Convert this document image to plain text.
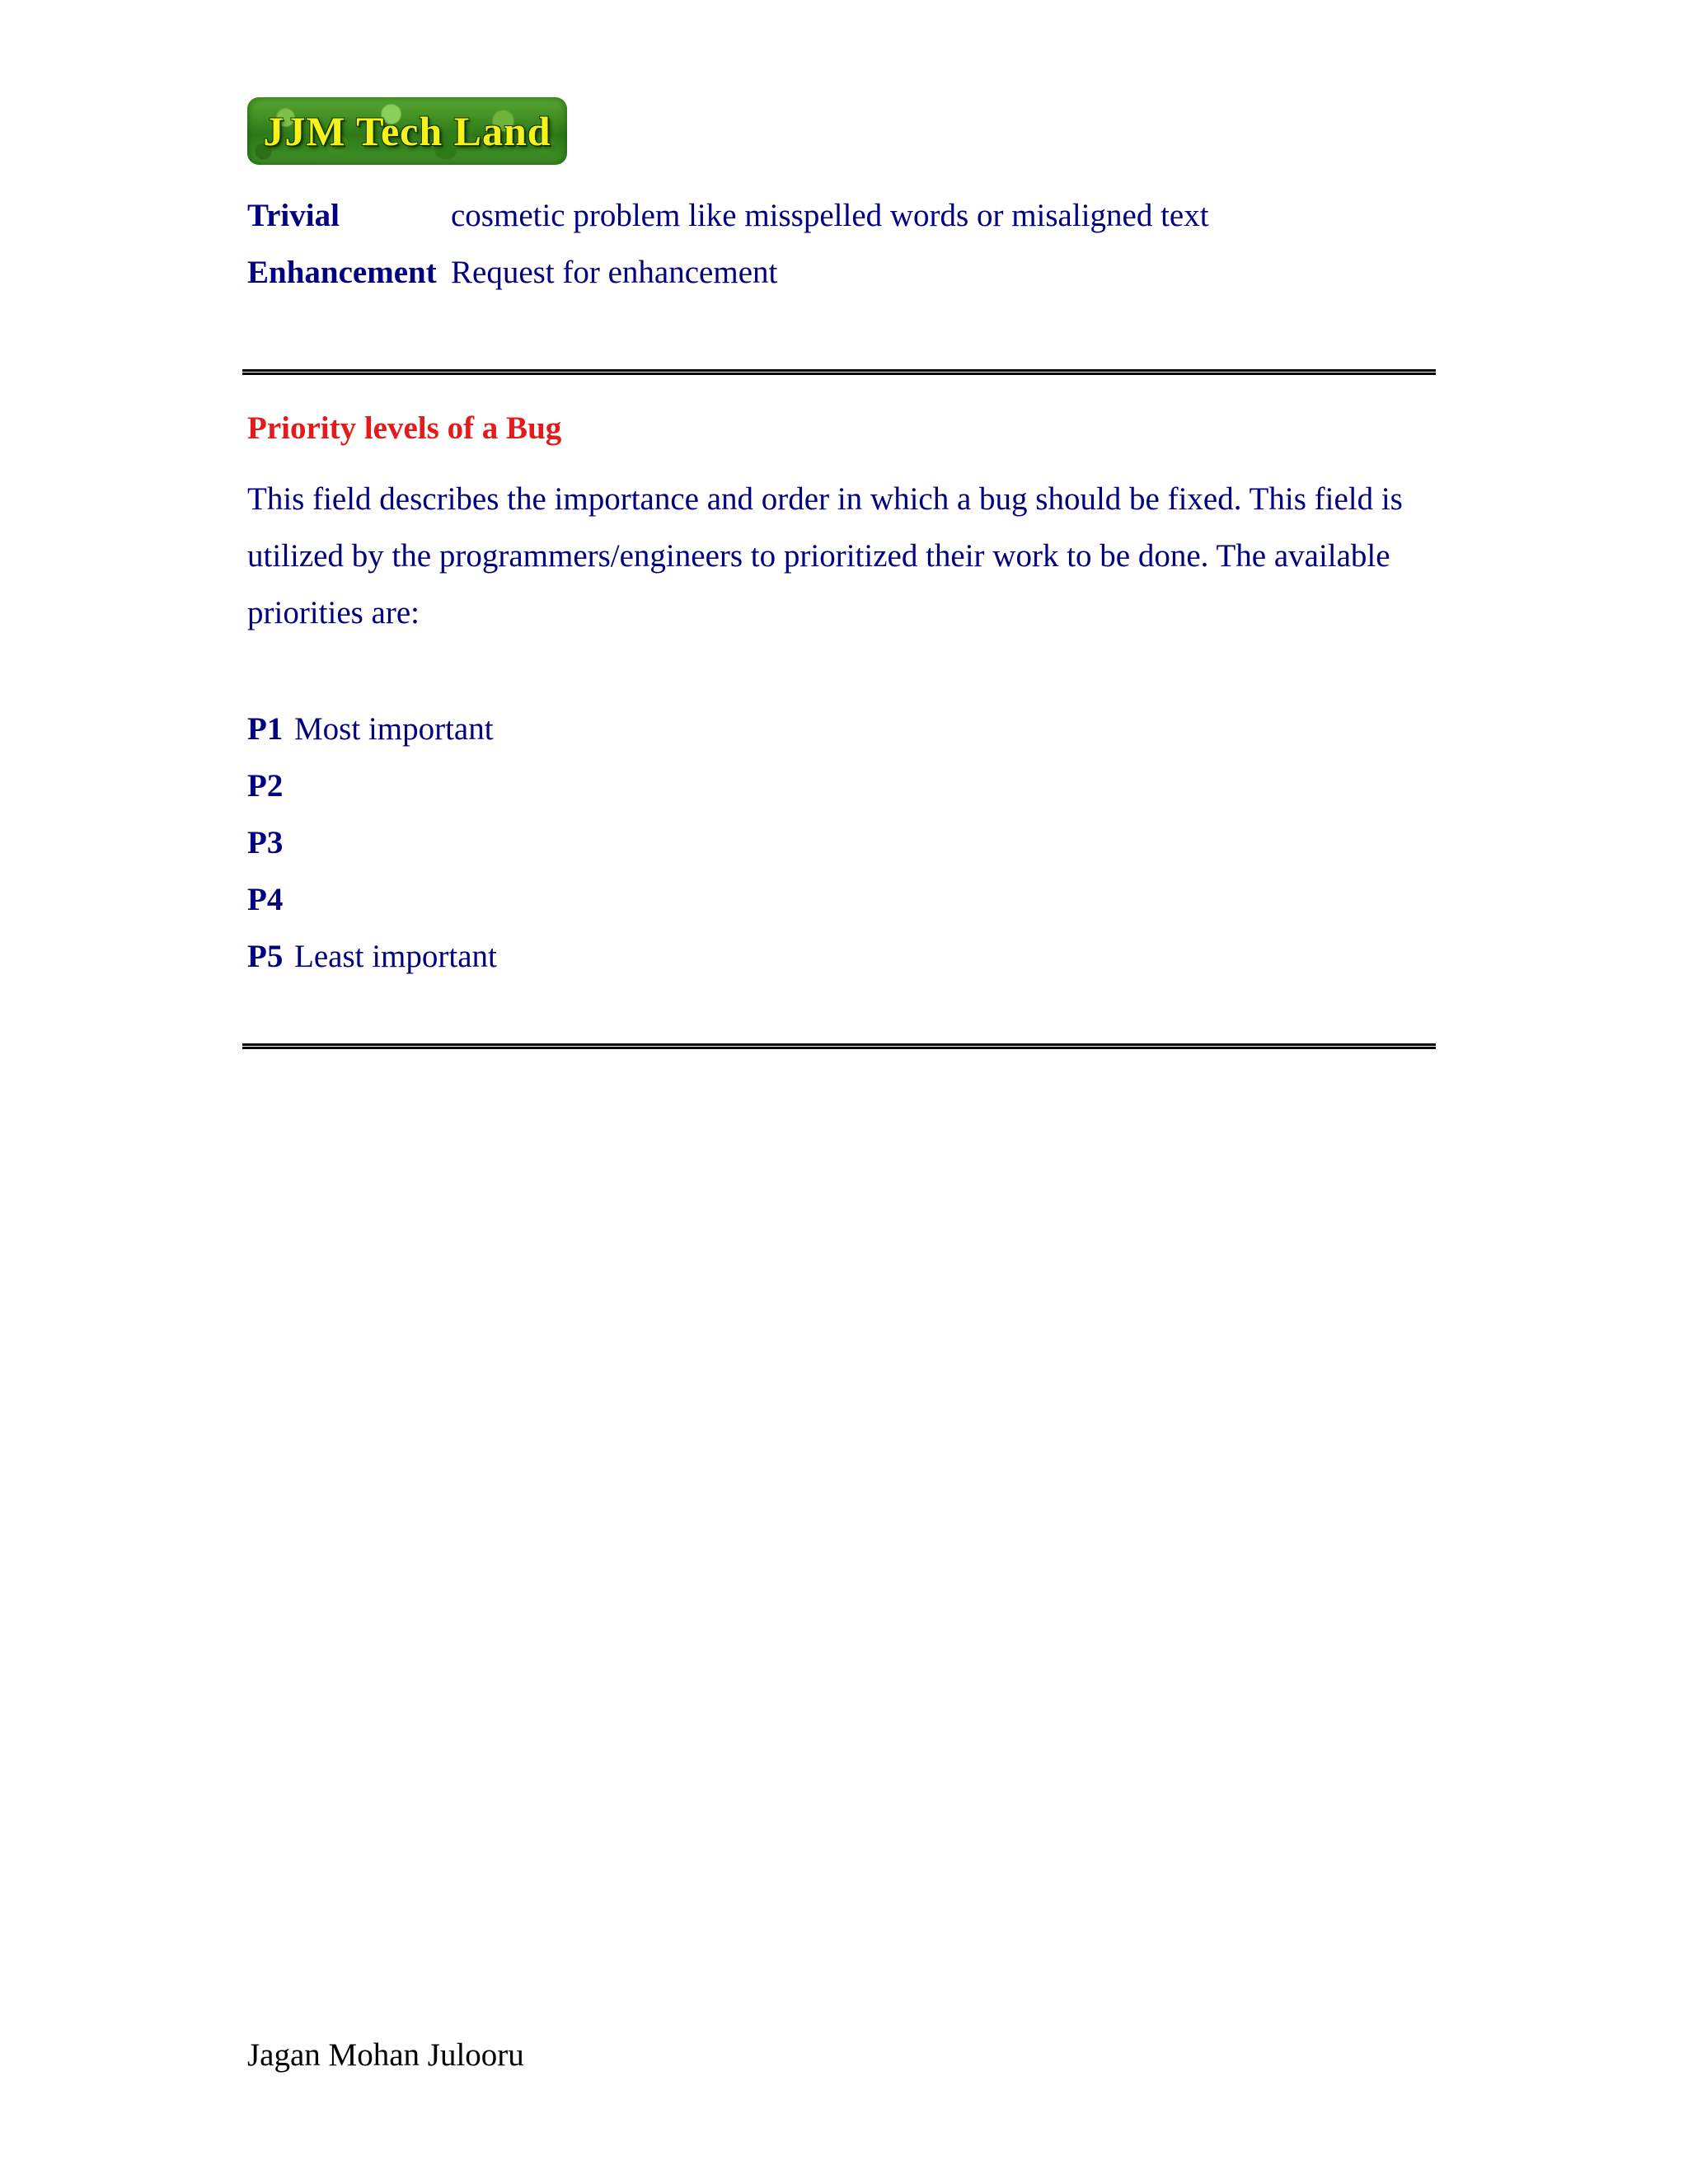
JJM Tech Land
Trivial	cosmetic problem like misspelled words or misaligned text
Enhancement Request for enhancement
Priority levels of a Bug
This field describes the importance and order in which a bug should be fixed. This field is utilized by the programmers/engineers to prioritized their work to be done. The available priorities are:
P1 Most important
P2
P3
P4
P5 Least important
Jagan Mohan Julooru
